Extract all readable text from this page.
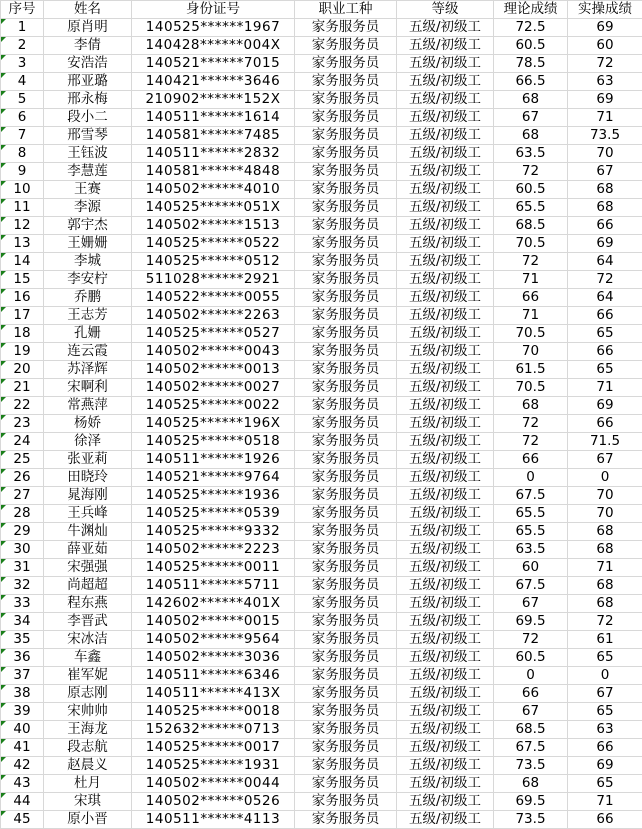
序号	姓名	身份证号	职业工种	等级	理论成绩	实操成绩

1	原肖明	140525******1967	家务服务员	五级/初级工	72.5	69

2	李倩	140428******004X	家务服务员	五级/初级工	60.5	60

3	安浩浩	140521******7015	家务服务员	五级/初级工	78.5	72

4	邢亚璐	140421******3646	家务服务员	五级/初级工	66.5	63

5	邢永梅	210902******152X	家务服务员	五级/初级工	68	69

6	段小二	140511******1614	家务服务员	五级/初级工	67	71

7	邢雪琴	140581******7485	家务服务员	五级/初级工	68	73.5

8	王钰波	140511******2832	家务服务员	五级/初级工	63.5	70

9	李慧莲	140581******4848	家务服务员	五级/初级工	72	67

10	王赛	140502******4010	家务服务员	五级/初级工	60.5	68

11	李源	140525******051X	家务服务员	五级/初级工	65.5	68

12	郭宇杰	140502******1513	家务服务员	五级/初级工	68.5	66

13	王姗姗	140525******0522	家务服务员	五级/初级工	70.5	69

14	李城	140525******0512	家务服务员	五级/初级工	72	64

15	李安柠	511028******2921	家务服务员	五级/初级工	71	72

16	乔鹏	140522******0055	家务服务员	五级/初级工	66	64

17	王志芳	140502******2263	家务服务员	五级/初级工	71	66

18	孔姗	140525******0527	家务服务员	五级/初级工	70.5	65

19	连云霞	140502******0043	家务服务员	五级/初级工	70	66

20	苏泽辉	140502******0013	家务服务员	五级/初级工	61.5	65

21	宋啊利	140502******0027	家务服务员	五级/初级工	70.5	71

22	常燕萍	140525******0022	家务服务员	五级/初级工	68	69

23	杨娇	140525******196X	家务服务员	五级/初级工	72	66

24	徐泽	140525******0518	家务服务员	五级/初级工	72	71.5

25	张亚莉	140511******1926	家务服务员	五级/初级工	66	67

26	田晓玲	140521******9764	家务服务员	五级/初级工	0	0

27	晁海刚	140525******1936	家务服务员	五级/初级工	67.5	70

28	王兵峰	140525******0539	家务服务员	五级/初级工	65.5	70

29	牛渊灿	140525******9332	家务服务员	五级/初级工	65.5	68

30	薛亚茹	140502******2223	家务服务员	五级/初级工	63.5	68

31	宋强强	140525******0011	家务服务员	五级/初级工	60	71

32	尚超超	140511******5711	家务服务员	五级/初级工	67.5	68

33	程东燕	142602******401X	家务服务员	五级/初级工	67	68

34	李晋武	140502******0015	家务服务员	五级/初级工	69.5	72

35	宋冰洁	140502******9564	家务服务员	五级/初级工	72	61

36	车鑫	140502******3036	家务服务员	五级/初级工	60.5	65

37	崔军妮	140511******6346	家务服务员	五级/初级工	0	0

38	原志刚	140511******413X	家务服务员	五级/初级工	66	67

39	宋帅帅	140525******0018	家务服务员	五级/初级工	67	65

40	王海龙	152632******0713	家务服务员	五级/初级工	68.5	63

41	段志航	140525******0017	家务服务员	五级/初级工	67.5	66

42	赵晨义	140525******1931	家务服务员	五级/初级工	73.5	69

43	杜月	140502******0044	家务服务员	五级/初级工	68	65

44	宋琪	140502******0526	家务服务员	五级/初级工	69.5	71

45	原小晋	140511******4113	家务服务员	五级/初级工	73.5	66
